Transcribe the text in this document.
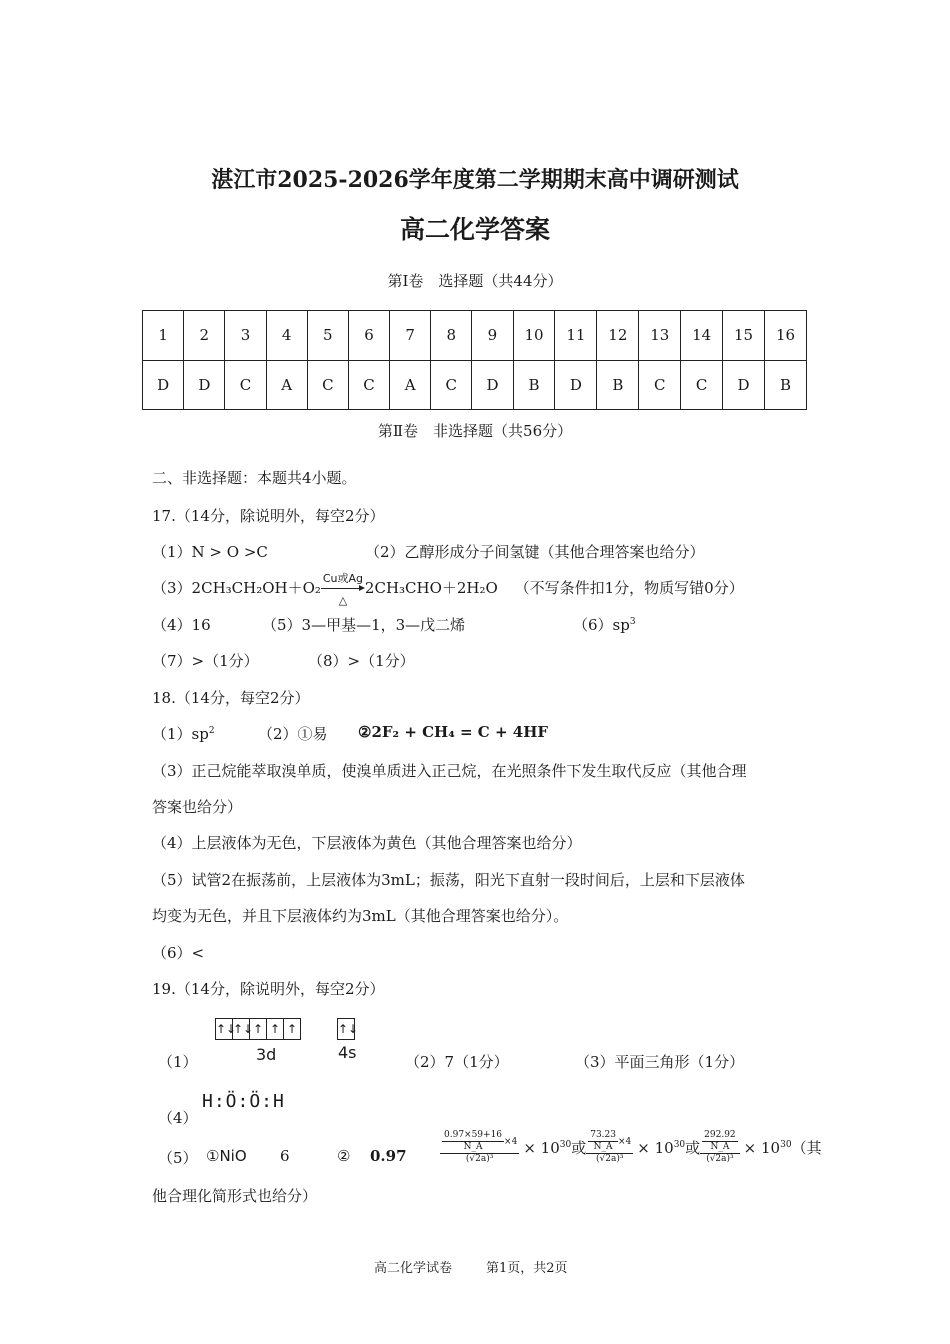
湛江市2025-2026学年度第二学期期末高中调研测试
高二化学答案
第Ⅰ卷　选择题（共44分）
1	2	3	4	5	6	7	8	9	10	11	12	13	14	15	16
D	D	C	A	C	C	A	C	D	B	D	B	C	C	D	B
第Ⅱ卷　非选择题（共56分）
二、非选择题：本题共4小题。
17.（14分，除说明外，每空2分）
（1）N > O >C	（2）乙醇形成分子间氢键（其他合理答案也给分）
（3）2CH₃CH₂OH＋O₂
Cu或Ag
△
2CH₃CHO＋2H₂O （不写条件扣1分，物质写错0分）
（4）16	（5）3—甲基—1，3—戊二烯	$(6)sp^3$
（7）>（1分）	（8）>（1分）
18.（14分，每空2分）
$(1)sp^2$	（2）①易 ②2F₂ + CH₄ = C + 4HF
（3）正己烷能萃取溴单质，使溴单质进入正己烷，在光照条件下发生取代反应（其他合理
答案也给分）
（4）上层液体为无色，下层液体为黄色（其他合理答案也给分）
（5）试管2在振荡前，上层液体为3mL；振荡，阳光下直射一段时间后，上层和下层液体
均变为无色，并且下层液体约为3mL（其他合理答案也给分）。
（6）<
19.（14分，除说明外，每空2分）
↑↓
↑↓ ↑ ↑ ↑
3d
↑↓
4s
（1）	（2）7（1分）	（3）平面三角形（1分）
（4）
H:Ö:Ö:H
（5） ①NiO 6	② 0.97	$\frac{\frac{0.97\times 59+16}{N\_A} \times 4}{\text{(√2a)³}} \times 10^{30}$ 或 $\frac{\frac{73.23}{N\_A} \times 4}{\text{(√2a)³}} \times 10^{30}$ 或 $\frac{\frac{292.92}{N\_A}}{\text{(√2a)³}} \times 10^{30}$ （其
他合理化简形式也给分）
高二化学试卷	第1页，共2页
